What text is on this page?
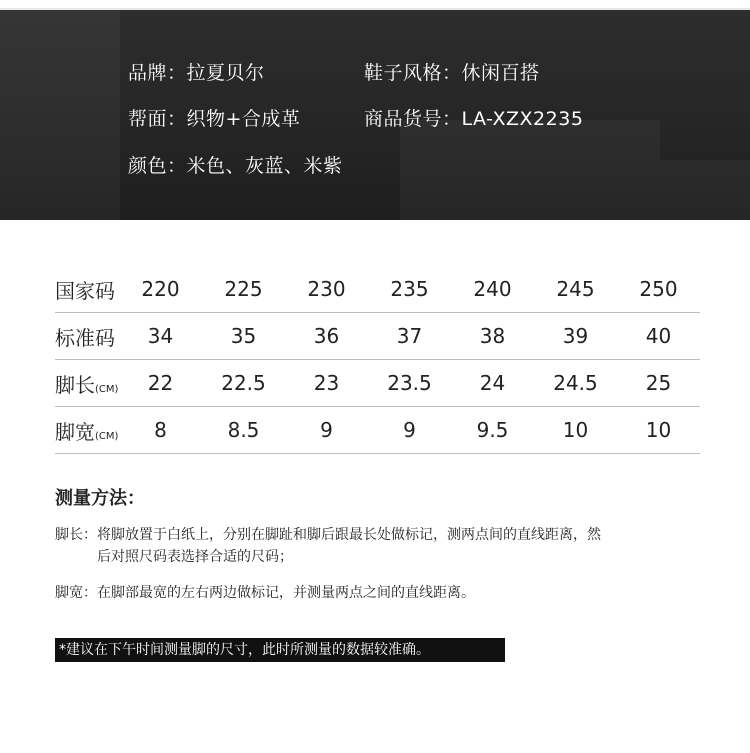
品牌：拉夏贝尔	鞋子风格：休闲百搭
帮面：织物+合成革	商品货号：LA-XZX2235
颜色：米色、灰蓝、米紫
国家码	220	225	230	235	240	245	250
标准码	34	35	36	37	38	39	40
脚长(CM)	22	22.5	23	23.5	24	24.5	25
脚宽(CM)	8	8.5	9	9	9.5	10	10
测量方法：
脚长：将脚放置于白纸上，分别在脚趾和脚后跟最长处做标记，测两点间的直线距离，然
后对照尺码表选择合适的尺码；
脚宽：在脚部最宽的左右两边做标记，并测量两点之间的直线距离。
*建议在下午时间测量脚的尺寸，此时所测量的数据较准确。
